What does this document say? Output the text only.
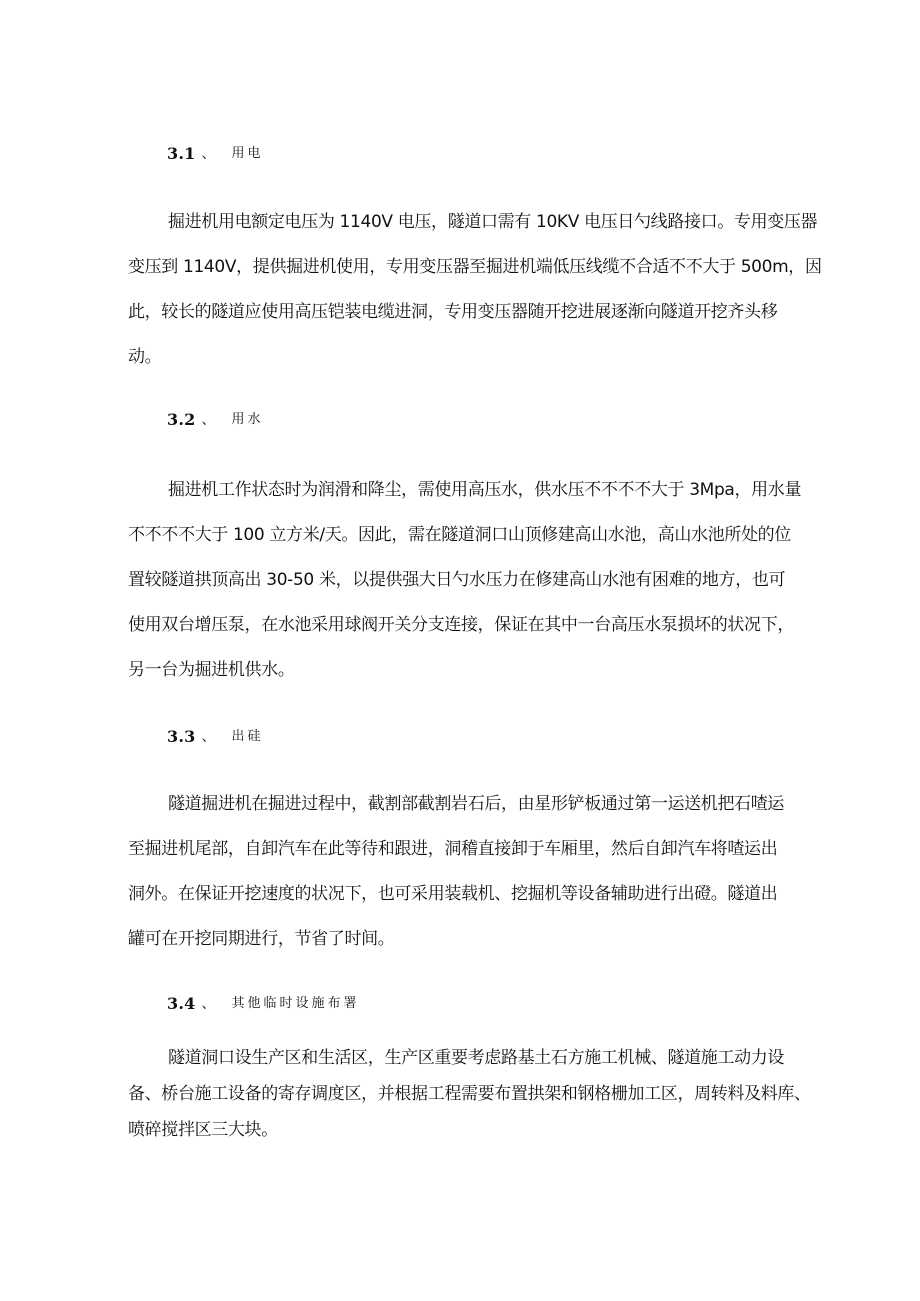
3.1 、 用电
掘进机用电额定电压为 1140V 电压，隧道口需有 10KV 电压日勺线路接口。专用变压器
变压到 1140V，提供掘进机使用，专用变压器至掘进机端低压线缆不合适不不大于 500m，因
此，较长的隧道应使用高压铠装电缆进洞，专用变压器随开挖进展逐渐向隧道开挖齐头移
动。
3.2 、 用水
掘进机工作状态时为润滑和降尘，需使用高压水，供水压不不不不大于 3Mpa，用水量
不不不不大于 100 立方米/天。因此，需在隧道洞口山顶修建高山水池，高山水池所处的位
置较隧道拱顶高出 30-50 米，以提供强大日勺水压力在修建高山水池有困难的地方，也可
使用双台增压泵，在水池采用球阀开关分支连接，保证在其中一台高压水泵损坏的状况下，
另一台为掘进机供水。
3.3 、 出硅
隧道掘进机在掘进过程中，截割部截割岩石后，由星形铲板通过第一运送机把石喳运
至掘进机尾部，自卸汽车在此等待和跟进，洞稽直接卸于车厢里，然后自卸汽车将喳运出
洞外。在保证开挖速度的状况下，也可采用装载机、挖掘机等设备辅助进行出磴。隧道出
罐可在开挖同期进行，节省了时间。
3.4 、 其他临时设施布署
隧道洞口设生产区和生活区，生产区重要考虑路基土石方施工机械、隧道施工动力设
备、桥台施工设备的寄存调度区，并根据工程需要布置拱架和钢格栅加工区，周转料及料库、
喷碎搅拌区三大块。
